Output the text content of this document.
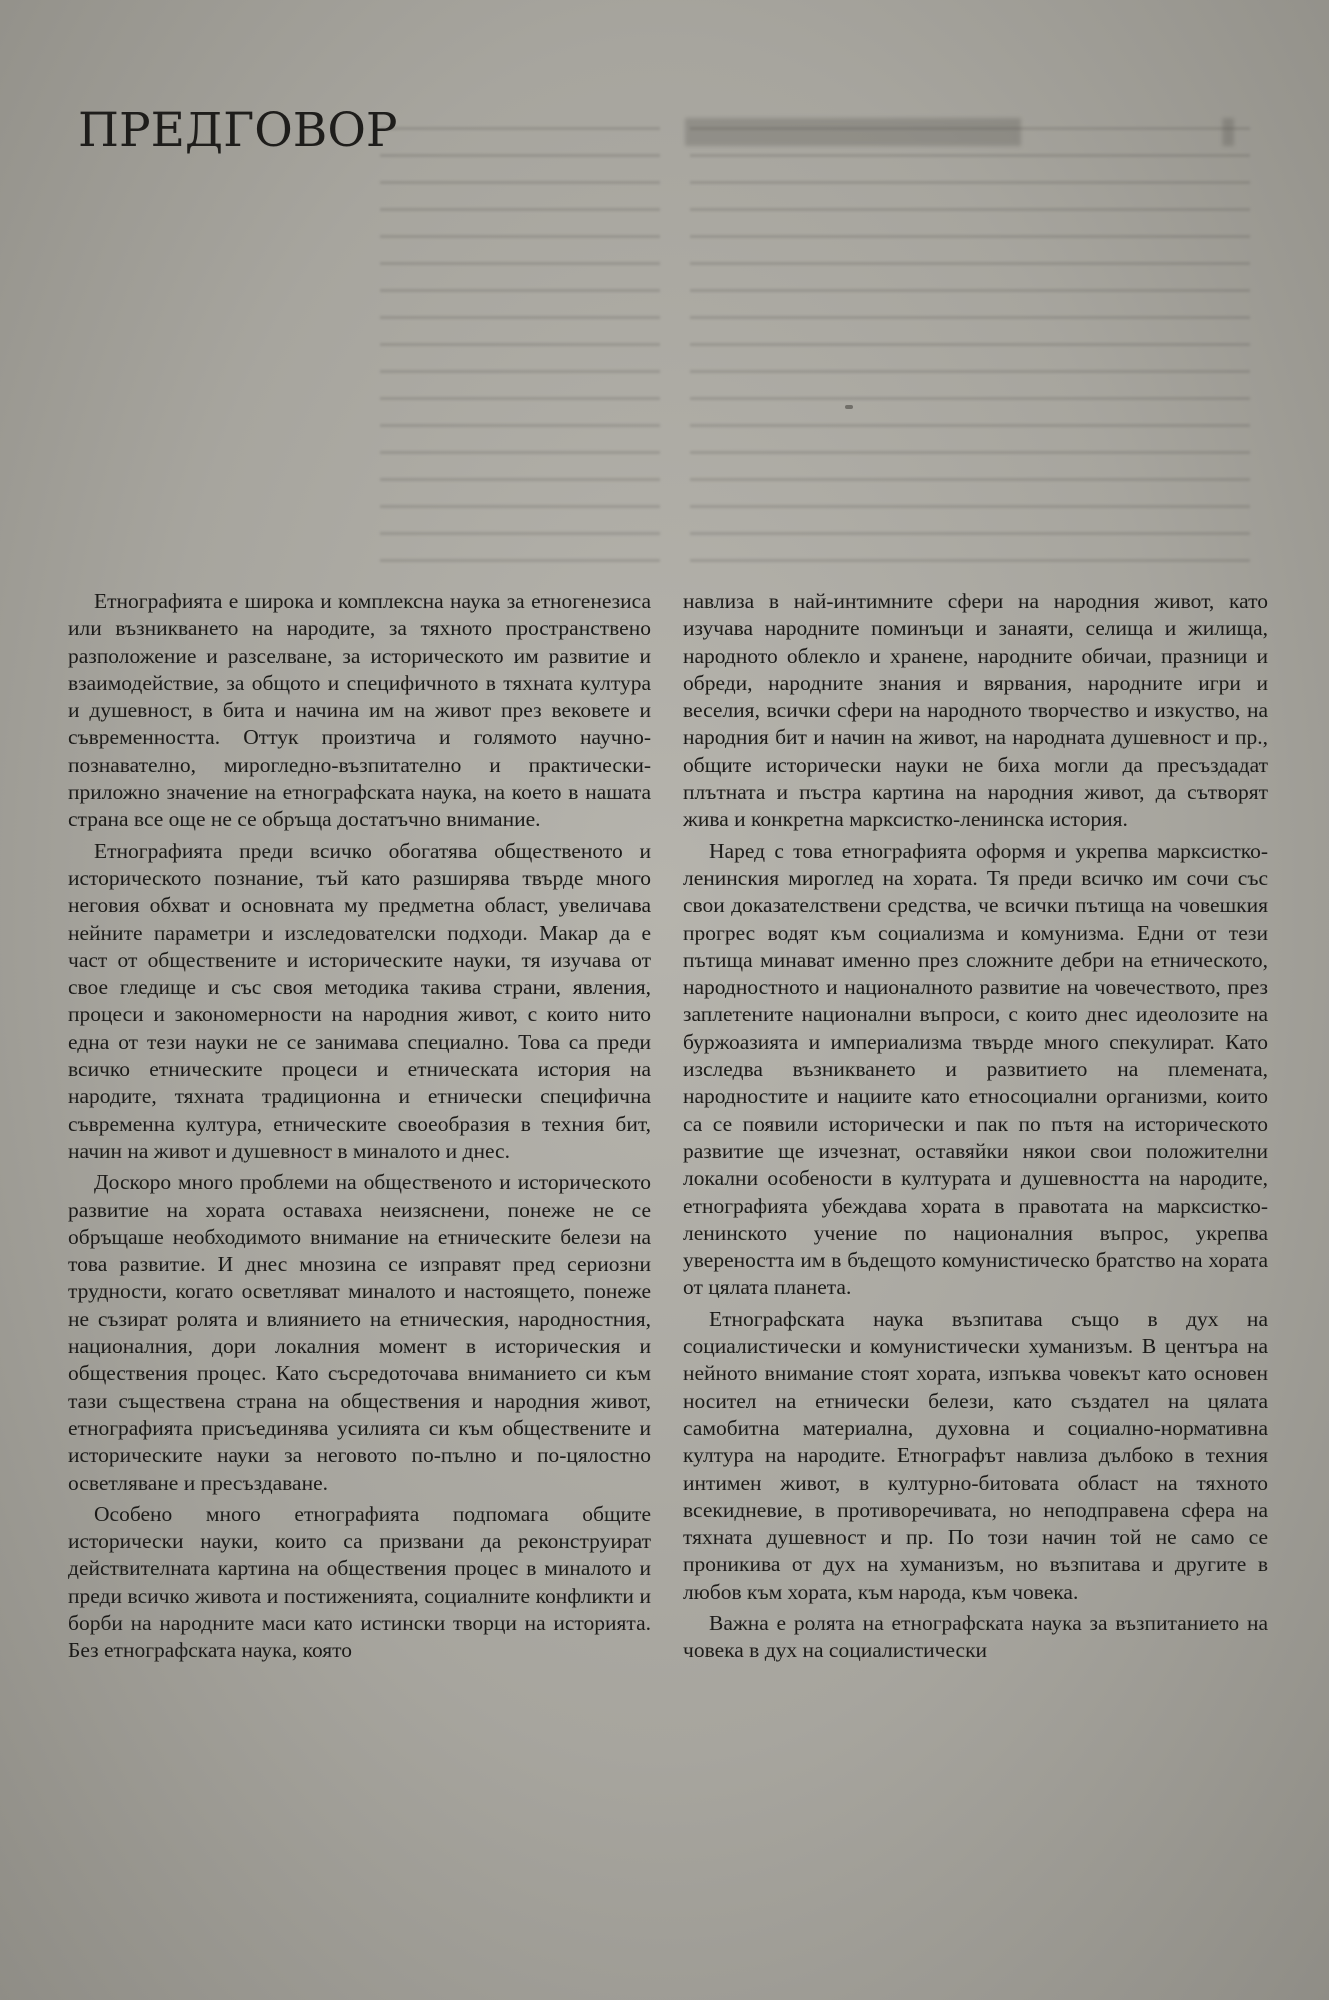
ПРЕДГОВОР

Етнографията е широка и комплексна наука за етногенезиса или възникването на народите, за тяхното пространствено разположение и разселване, за историческото им развитие и взаимодействие, за общото и специфичното в тяхната култура и душевност, в бита и начина им на живот през вековете и съвременността. Оттук произтича и голямото научно-познавателно, мирогледно-възпитателно и практически-приложно значение на етнографската наука, на което в нашата страна все още не се обръща достатъчно внимание.

Етнографията преди всичко обогатява общественото и историческото познание, тъй като разширява твърде много неговия обхват и основната му предметна област, увеличава нейните параметри и изследователски подходи. Макар да е част от обществените и историческите науки, тя изучава от свое гледище и със своя методика такива страни, явления, процеси и закономерности на народния живот, с които нито една от тези науки не се занимава специално. Това са преди всичко етническите процеси и етническата история на народите, тяхната традиционна и етнически специфична съвременна култура, етническите своеобразия в техния бит, начин на живот и душевност в миналото и днес.

Доскоро много проблеми на общественото и историческото развитие на хората оставаха неизяснени, понеже не се обръщаше необходимото внимание на етническите белези на това развитие. И днес мнозина се изправят пред сериозни трудности, когато осветляват миналото и настоящето, понеже не съзират ролята и влиянието на етническия, народностния, националния, дори локалния момент в историческия и обществения процес. Като съсредоточава вниманието си към тази съществена страна на обществения и народния живот, етнографията присъединява усилията си към обществените и историческите науки за неговото по-пълно и по-цялостно осветляване и пресъздаване.

Особено много етнографията подпомага общите исторически науки, които са призвани да реконструират действителната картина на обществения процес в миналото и преди всичко живота и постиженията, социалните конфликти и борби на народните маси като истински творци на историята. Без етнографската наука, която

навлиза в най-интимните сфери на народния живот, като изучава народните поминъци и занаяти, селища и жилища, народното облекло и хранене, народните обичаи, празници и обреди, народните знания и вярвания, народните игри и веселия, всички сфери на народното творчество и изкуство, на народния бит и начин на живот, на народната душевност и пр., общите исторически науки не биха могли да пресъздадат плътната и пъстра картина на народния живот, да сътворят жива и конкретна марксистко-ленинска история.

Наред с това етнографията оформя и укрепва марксистко-ленинския мироглед на хората. Тя преди всичко им сочи със свои доказателствени средства, че всички пътища на човешкия прогрес водят към социализма и комунизма. Едни от тези пътища минават именно през сложните дебри на етническото, народностното и националното развитие на човечеството, през заплетените национални въпроси, с които днес идеолозите на буржоазията и империализма твърде много спекулират. Като изследва възникването и развитието на племената, народностите и нациите като етносоциални организми, които са се появили исторически и пак по пътя на историческото развитие ще изчезнат, оставяйки някои свои положителни локални особености в културата и душевността на народите, етнографията убеждава хората в правотата на марксистко-ленинското учение по националния въпрос, укрепва увереността им в бъдещото комунистическо братство на хората от цялата планета.

Етнографската наука възпитава също в дух на социалистически и комунистически хуманизъм. В центъра на нейното внимание стоят хората, изпъква човекът като основен носител на етнически белези, като създател на цялата самобитна материална, духовна и социално-нормативна култура на народите. Етнографът навлиза дълбоко в техния интимен живот, в културно-битовата област на тяхното всекидневие, в противоречивата, но неподправена сфера на тяхната душевност и пр. По този начин той не само се проникива от дух на хуманизъм, но възпитава и другите в любов към хората, към народа, към човека.

Важна е ролята на етнографската наука за възпитанието на човека в дух на социалистически
